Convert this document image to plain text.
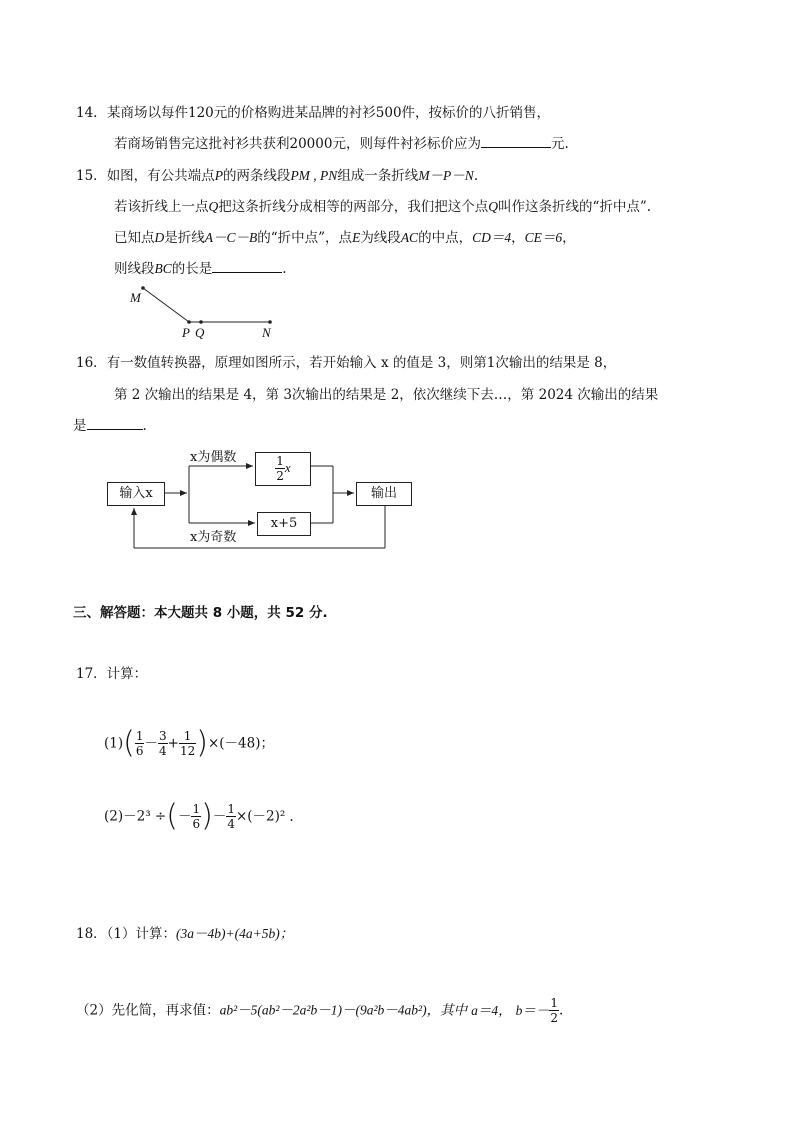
14. 某商场以每件120元的价格购进某品牌的衬衫500件，按标价的八折销售，
若商场销售完这批衬衫共获利20000元，则每件衬衫标价应为	元.
15．如图，有公共端点P的两条线段PM , PN组成一条折线M－P－N.
若该折线上一点Q把这条折线分成相等的两部分，我们把这个点Q叫作这条折线的“折中点”.
已知点D是折线A－C－B的“折中点”，点E为线段AC的中点，CD＝4，CE＝6，
则线段BC的长是	.
M
P Q	N
16．有一数值转换器，原理如图所示，若开始输入 x 的值是 3，则第1次输出的结果是 8，
第 2 次输出的结果是 4，第 3次输出的结果是 2，依次继续下去…，第 2024 次输出的结果
是	.
输入x
x为偶数
x为奇数
$\frac{1}{2}$ x
x+5
输出
三、解答题：本大题共 8 小题，共 52 分.
17．计算：
$(1)( \frac{1}{6} - \frac{3}{4} + \frac{1}{12} )\times(-48)$；
(2)－2³ ÷(－ $\frac{1}{6}$ )－ $\frac{1}{4} \times(-2)^2$ .
18．（1）计算：(3a－4b)+(4a+5b)；
（2）先化简，再求值：ab²－5(ab²－2a²b－1)－(9a²b－4ab²)，其中 a＝4， $b=- \frac{1}{2}$ .
